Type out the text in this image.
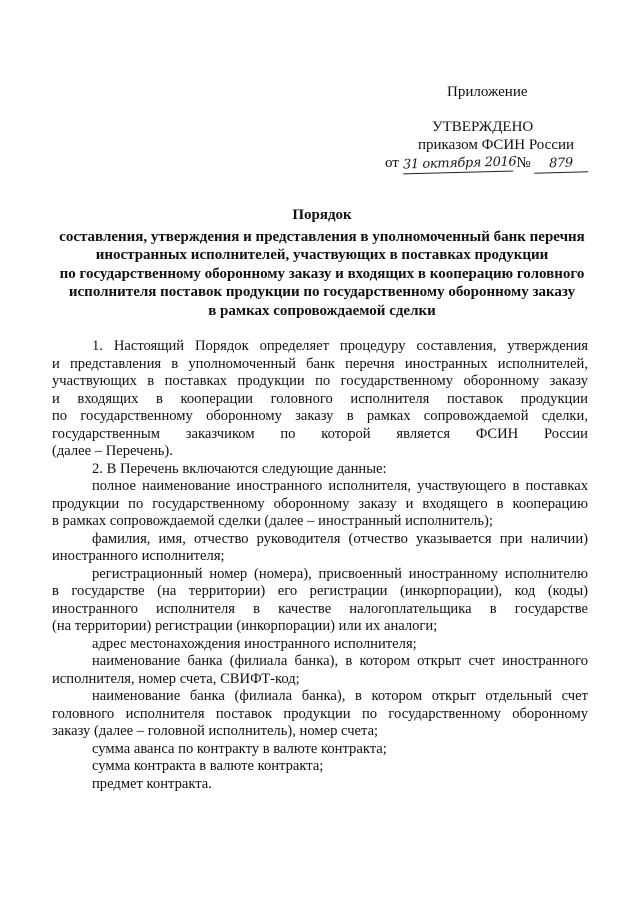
Приложение
УТВЕРЖДЕНО
приказом ФСИН России
от 31 октября 2016 № 879
Порядок
составления, утверждения и представления в уполномоченный банк перечня
иностранных исполнителей, участвующих в поставках продукции
по государственному оборонному заказу и входящих в кооперацию головного
исполнителя поставок продукции по государственному оборонному заказу
в рамках сопровождаемой сделки
1. Настоящий Порядок определяет процедуру составления, утверждения
и представления в уполномоченный банк перечня иностранных исполнителей,
участвующих в поставках продукции по государственному оборонному заказу
и входящих в кооперации головного исполнителя поставок продукции
по государственному оборонному заказу в рамках сопровождаемой сделки,
государственным заказчиком по которой является ФСИН России
(далее – Перечень).
2. В Перечень включаются следующие данные:
полное наименование иностранного исполнителя, участвующего в поставках
продукции по государственному оборонному заказу и входящего в кооперацию
в рамках сопровождаемой сделки (далее – иностранный исполнитель);
фамилия, имя, отчество руководителя (отчество указывается при наличии)
иностранного исполнителя;
регистрационный номер (номера), присвоенный иностранному исполнителю
в государстве (на территории) его регистрации (инкорпорации), код (коды)
иностранного исполнителя в качестве налогоплательщика в государстве
(на территории) регистрации (инкорпорации) или их аналоги;
адрес местонахождения иностранного исполнителя;
наименование банка (филиала банка), в котором открыт счет иностранного
исполнителя, номер счета, СВИФТ-код;
наименование банка (филиала банка), в котором открыт отдельный счет
головного исполнителя поставок продукции по государственному оборонному
заказу (далее – головной исполнитель), номер счета;
сумма аванса по контракту в валюте контракта;
сумма контракта в валюте контракта;
предмет контракта.
